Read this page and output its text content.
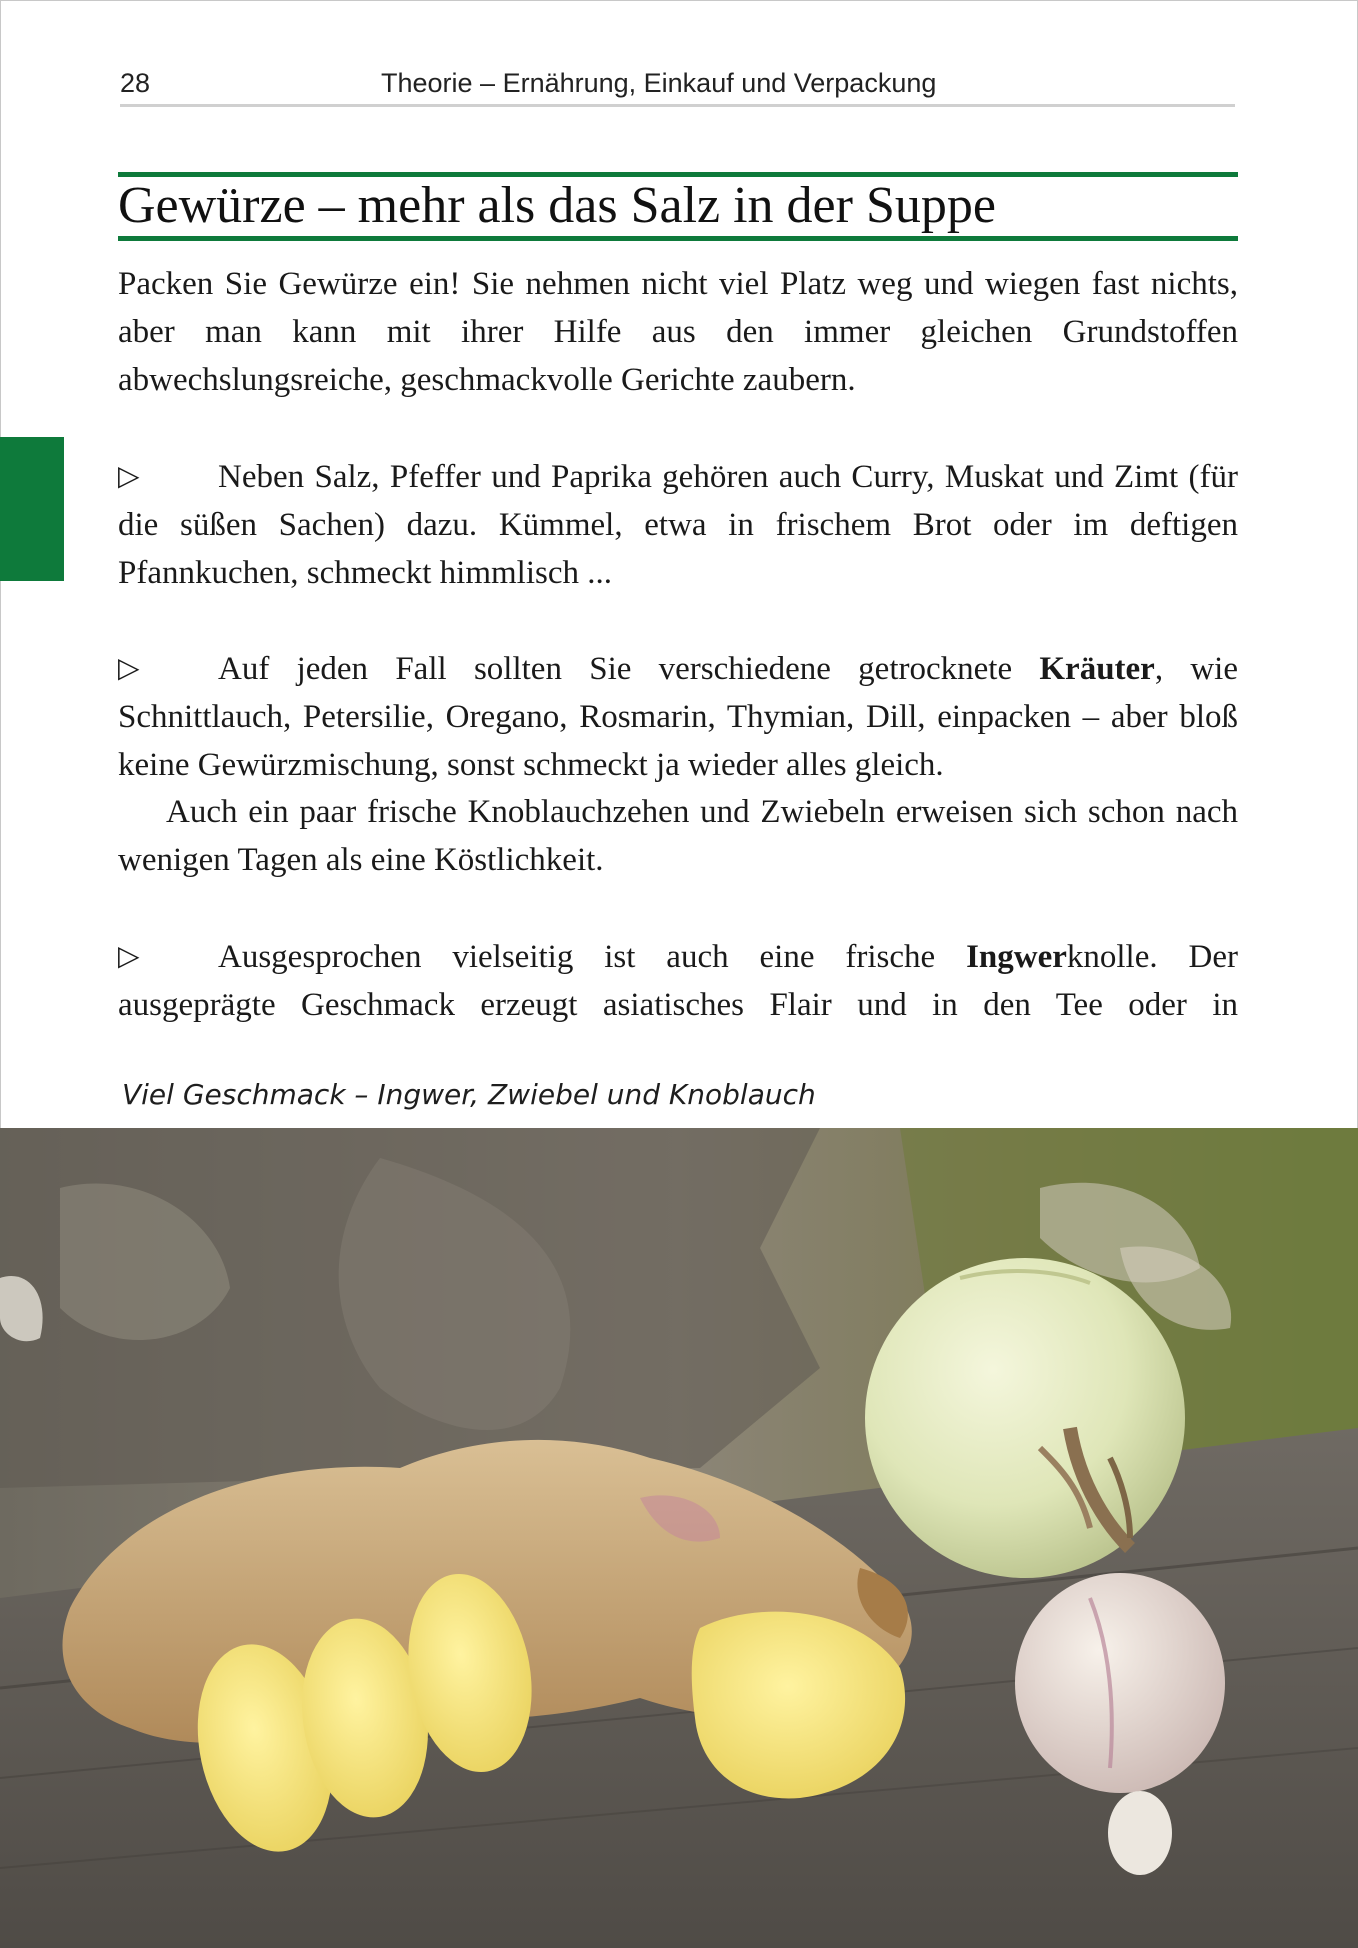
28	Theorie – Ernährung, Einkauf und Verpackung
Gewürze – mehr als das Salz in der Suppe

Packen Sie Gewürze ein! Sie nehmen nicht viel Platz weg und wiegen fast nichts, aber man kann mit ihrer Hilfe aus den immer gleichen Grundstoffen abwechslungsreiche, geschmackvolle Gerichte zaubern.

▷Neben Salz, Pfeffer und Paprika gehören auch Curry, Muskat und Zimt (für die süßen Sachen) dazu. Kümmel, etwa in frischem Brot oder im deftigen Pfannkuchen, schmeckt himmlisch ...

▷Auf jeden Fall sollten Sie verschiedene getrocknete Kräuter, wie Schnittlauch, Petersilie, Oregano, Rosmarin, Thymian, Dill, einpacken – aber bloß keine Gewürzmischung, sonst schmeckt ja wieder alles gleich.

Auch ein paar frische Knoblauchzehen und Zwiebeln erweisen sich schon nach wenigen Tagen als eine Köstlichkeit.

▷Ausgesprochen vielseitig ist auch eine frische Ingwerknolle. Der ausgeprägte Geschmack erzeugt asiatisches Flair und in den Tee oder in

Viel Geschmack – Ingwer, Zwiebel und Knoblauch
